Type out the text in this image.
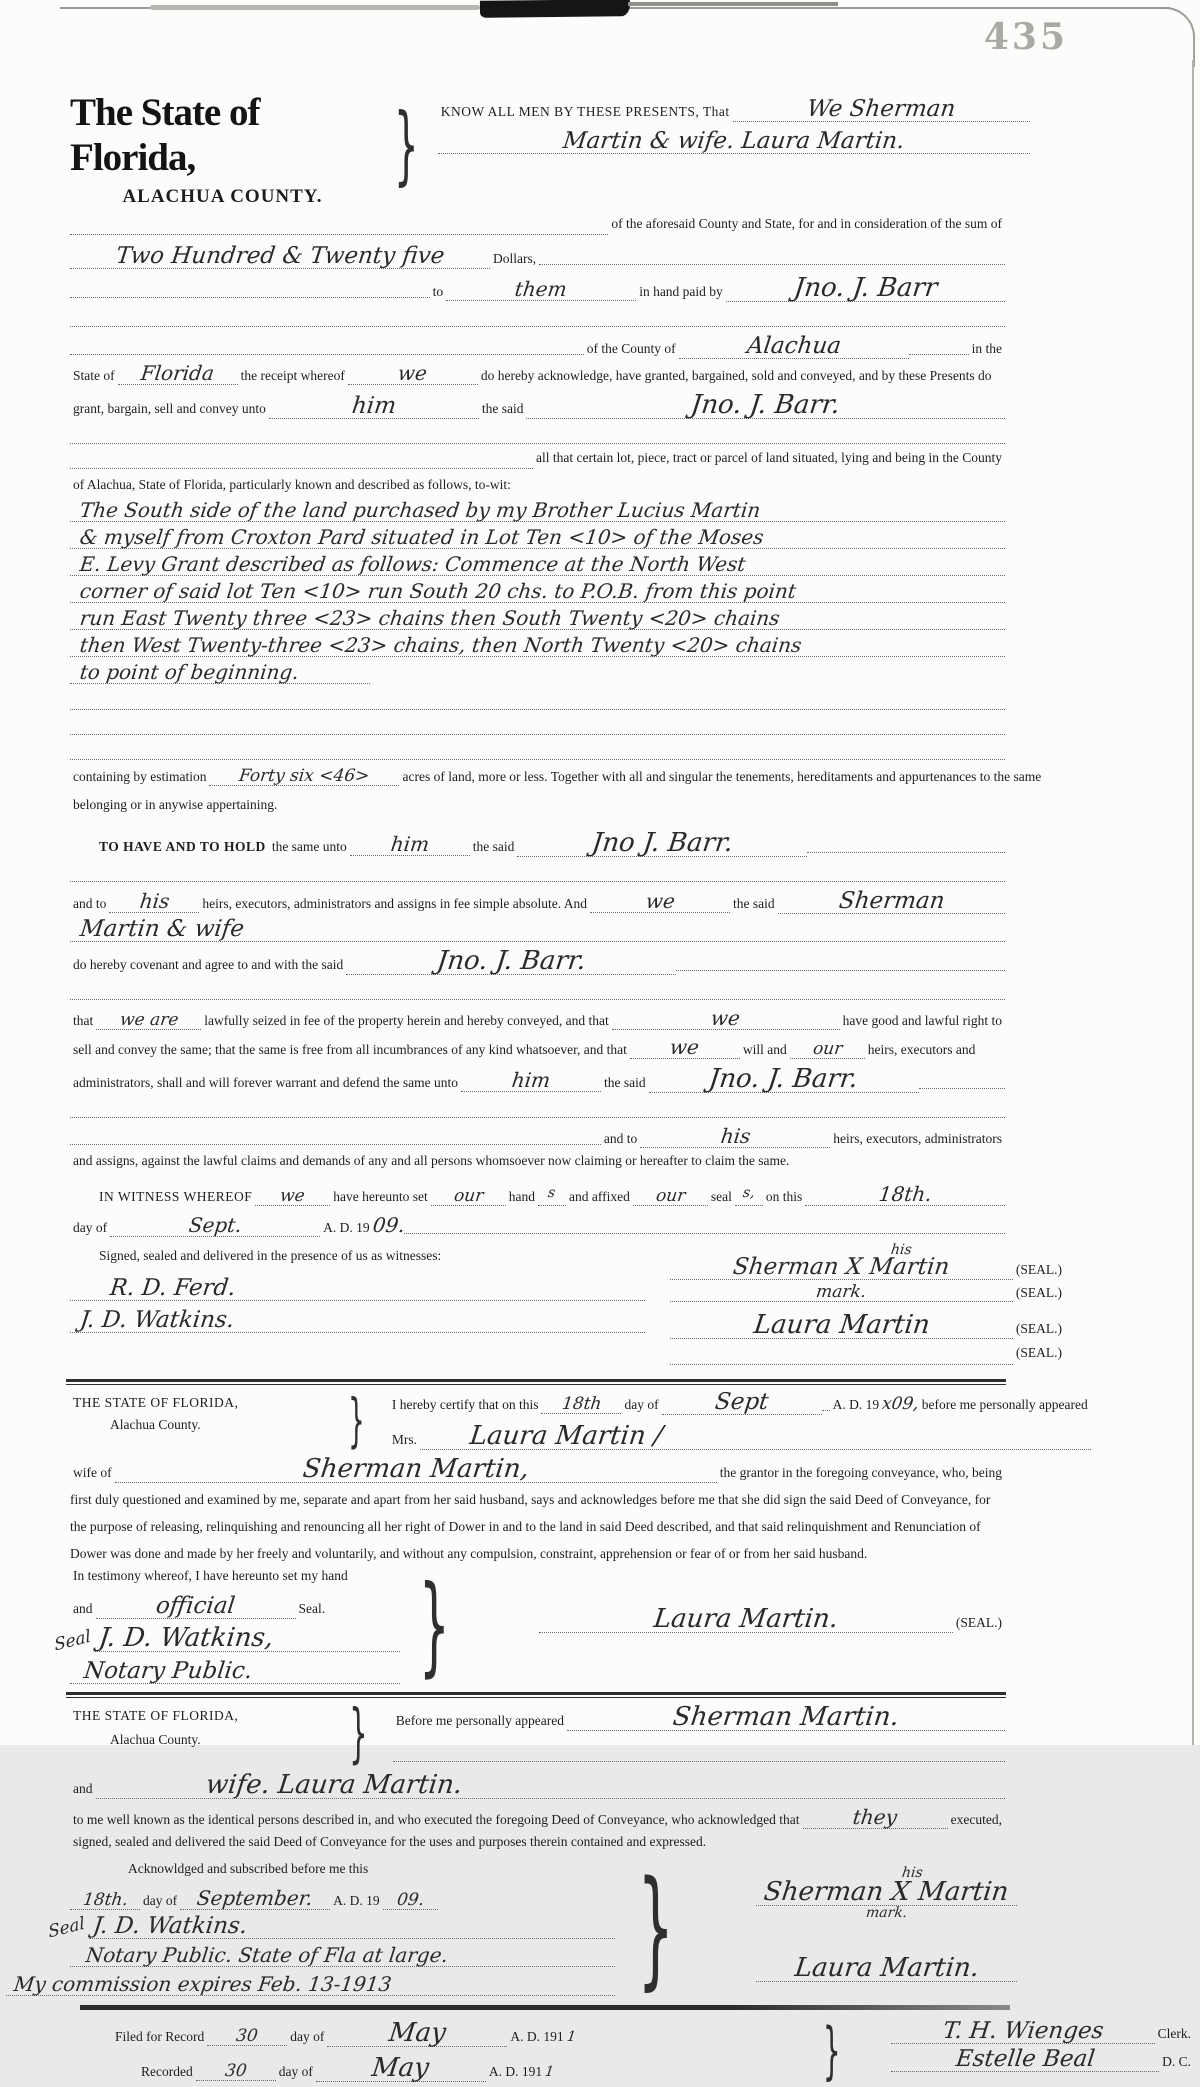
435
The State of Florida,
ALACHUA COUNTY.
} KNOW ALL MEN BY THESE PRESENTS, That	We Sherman
Martin & wife. Laura Martin.
of the aforesaid County and State, for and in consideration of the sum of
Two Hundred & Twenty five	Dollars,
to	them	in hand paid by	Jno. J. Barr
of the County of	Alachua	in the
State of	Florida	the receipt whereof	we	do hereby acknowledge, have granted, bargained, sold and conveyed, and by these Presents do
grant, bargain, sell and convey unto	him	the said	Jno. J. Barr.
all that certain lot, piece, tract or parcel of land situated, lying and being in the County
of Alachua, State of Florida, particularly known and described as follows, to-wit:
The South side of the land purchased by my Brother Lucius Martin
& myself from Croxton Pard situated in Lot Ten <10> of the Moses
E. Levy Grant described as follows: Commence at the North West
corner of said lot Ten <10> run South 20 chs. to P.O.B. from this point
run East Twenty three <23> chains then South Twenty <20> chains
then West Twenty-three <23> chains, then North Twenty <20> chains
to point of beginning.
containing by estimation	Forty six <46>	acres of land, more or less. Together with all and singular the tenements, hereditaments and appurtenances to the same
belonging or in anywise appertaining.
TO HAVE AND TO HOLD the same unto	him	the said	Jno J. Barr.
and to	his	heirs, executors, administrators and assigns in fee simple absolute. And	we	the said	Sherman
Martin & wife
do hereby covenant and agree to and with the said	Jno. J. Barr.
that	we are	lawfully seized in fee of the property herein and hereby conveyed, and that	we	have good and lawful right to
sell and convey the same; that the same is free from all incumbrances of any kind whatsoever, and that	we	will and	our	heirs, executors and
administrators, shall and will forever warrant and defend the same unto	him	the said	Jno. J. Barr.
and to	his	heirs, executors, administrators
and assigns, against the lawful claims and demands of any and all persons whomsoever now claiming or hereafter to claim the same.
IN WITNESS WHEREOF	we	have hereunto set	our	hand s and affixed	our	seal s, on this	18th.
day of	Sept.	A. D. 19 09.
Signed, sealed and delivered in the presence of us as witnesses:
R. D. Ferd.
J. D. Watkins.
his
Sherman X Martin	(SEAL.)
mark.	(SEAL.)
Laura Martin	(SEAL.)
(SEAL.)
THE STATE OF FLORIDA,
Alachua County.	} I hereby certify that on this	18th	day of	Sept	A. D. 19 x09, before me personally appeared
Mrs.	Laura Martin /
wife of	Sherman Martin,	the grantor in the foregoing conveyance, who, being
first duly questioned and examined by me, separate and apart from her said husband, says and acknowledges before me that she did sign the said Deed of Conveyance, for
the purpose of releasing, relinquishing and renouncing all her right of Dower in and to the land in said Deed described, and that said relinquishment and Renunciation of
Dower was done and made by her freely and voluntarily, and without any compulsion, constraint, apprehension or fear of or from her said husband.
In testimony whereof, I have hereunto set my hand
and	official	Seal.
Seal J. D. Watkins,
Notary Public.	}	Laura Martin.	(SEAL.)
THE STATE OF FLORIDA,
Alachua County.	} Before me personally appeared	Sherman Martin.
and	wife. Laura Martin.
to me well known as the identical persons described in, and who executed the foregoing Deed of Conveyance, who acknowledged that	they	executed,
signed, sealed and delivered the said Deed of Conveyance for the uses and purposes therein contained and expressed.
Acknowldged and subscribed before me this
18th.	day of September.	A. D. 19 09.
Seal J. D. Watkins.
Notary Public. State of Fla at large.
My commission expires Feb. 13-1913	}	his
Sherman X Martin
mark.
Laura Martin.
Filed for Record	30	day of	May	A. D. 191 1
Recorded	30	day of	May	A. D. 191 1	}	T. H. Wienges	Clerk.
Estelle Beal	D. C.
